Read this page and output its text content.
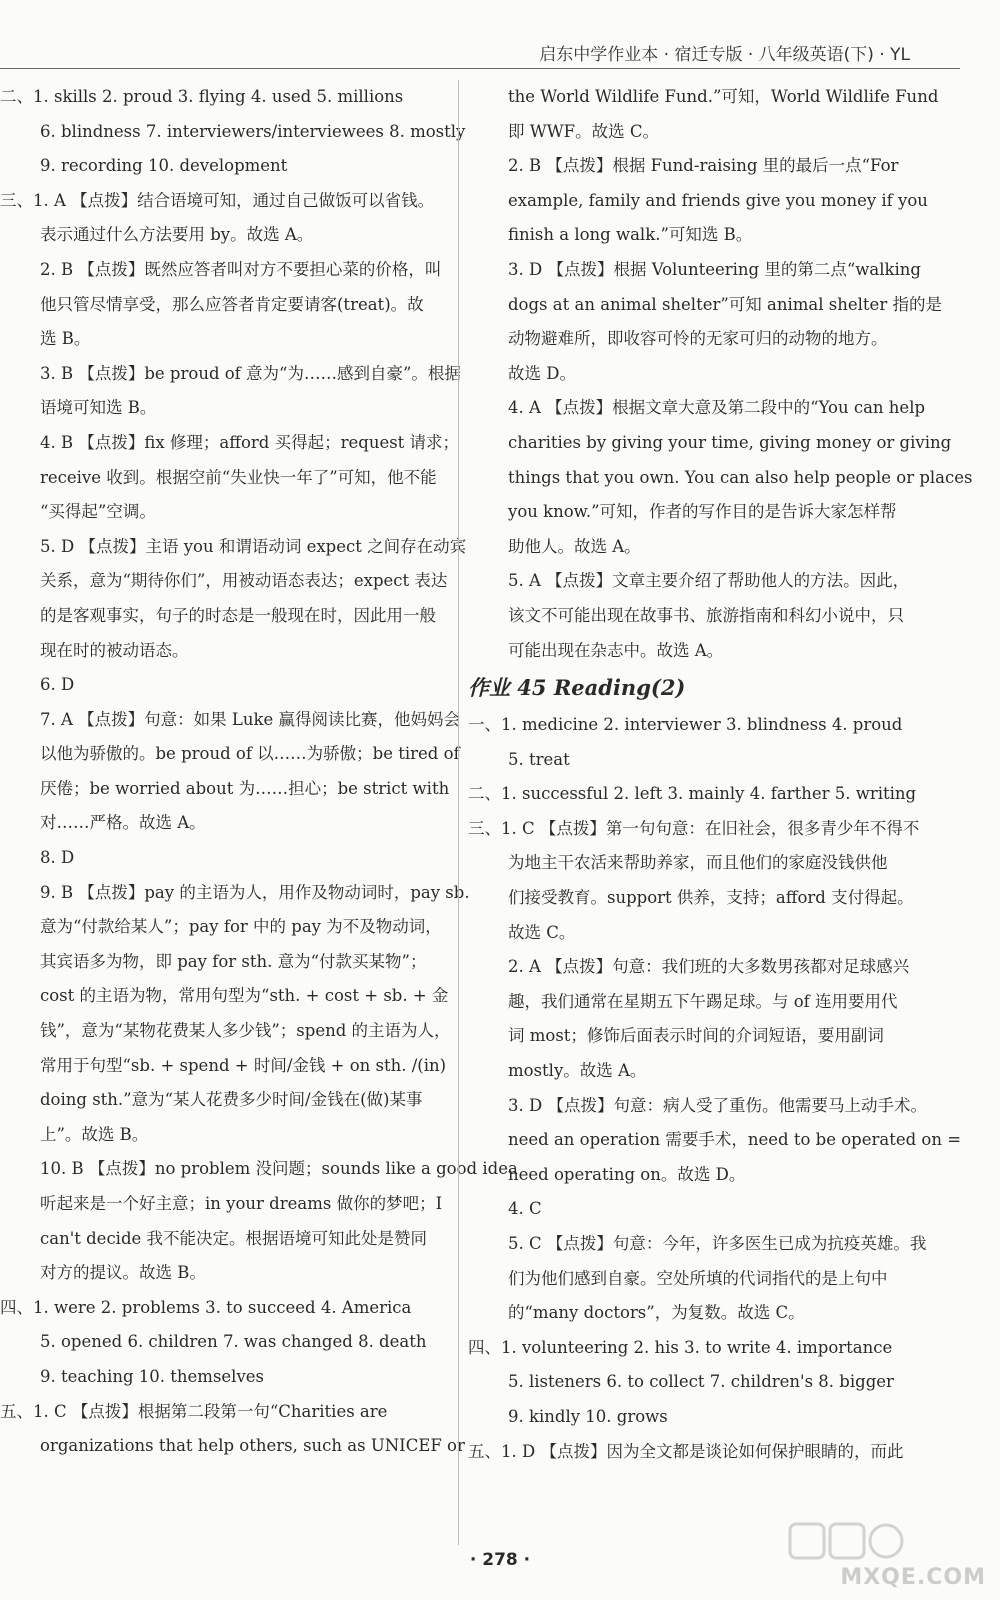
启东中学作业本 · 宿迁专版 · 八年级英语(下) · YL
二、1. skills 2. proud 3. flying 4. used 5. millions
6. blindness 7. interviewers/interviewees 8. mostly
9. recording 10. development
三、1. A 【点拨】结合语境可知，通过自己做饭可以省钱。
表示通过什么方法要用 by。故选 A。
2. B 【点拨】既然应答者叫对方不要担心菜的价格，叫
他只管尽情享受，那么应答者肯定要请客(treat)。故
选 B。
3. B 【点拨】be proud of 意为“为……感到自豪”。根据
语境可知选 B。
4. B 【点拨】fix 修理；afford 买得起；request 请求；
receive 收到。根据空前“失业快一年了”可知，他不能
“买得起”空调。
5. D 【点拨】主语 you 和谓语动词 expect 之间存在动宾
关系，意为“期待你们”，用被动语态表达；expect 表达
的是客观事实，句子的时态是一般现在时，因此用一般
现在时的被动语态。
6. D
7. A 【点拨】句意：如果 Luke 赢得阅读比赛，他妈妈会
以他为骄傲的。be proud of 以……为骄傲；be tired of
厌倦；be worried about 为……担心；be strict with
对……严格。故选 A。
8. D
9. B 【点拨】pay 的主语为人，用作及物动词时，pay sb.
意为“付款给某人”；pay for 中的 pay 为不及物动词，
其宾语多为物，即 pay for sth. 意为“付款买某物”；
cost 的主语为物，常用句型为“sth. + cost + sb. + 金
钱”，意为“某物花费某人多少钱”；spend 的主语为人，
常用于句型“sb. + spend + 时间/金钱 + on sth. /(in)
doing sth.”意为“某人花费多少时间/金钱在(做)某事
上”。故选 B。
10. B 【点拨】no problem 没问题；sounds like a good idea
听起来是一个好主意；in your dreams 做你的梦吧；I
can't decide 我不能决定。根据语境可知此处是赞同
对方的提议。故选 B。
四、1. were 2. problems 3. to succeed 4. America
5. opened 6. children 7. was changed 8. death
9. teaching 10. themselves
五、1. C 【点拨】根据第二段第一句“Charities are
organizations that help others, such as UNICEF or
the World Wildlife Fund.”可知，World Wildlife Fund
即 WWF。故选 C。
2. B 【点拨】根据 Fund-raising 里的最后一点“For
example, family and friends give you money if you
finish a long walk.”可知选 B。
3. D 【点拨】根据 Volunteering 里的第二点“walking
dogs at an animal shelter”可知 animal shelter 指的是
动物避难所，即收容可怜的无家可归的动物的地方。
故选 D。
4. A 【点拨】根据文章大意及第二段中的“You can help
charities by giving your time, giving money or giving
things that you own. You can also help people or places
you know.”可知，作者的写作目的是告诉大家怎样帮
助他人。故选 A。
5. A 【点拨】文章主要介绍了帮助他人的方法。因此，
该文不可能出现在故事书、旅游指南和科幻小说中，只
可能出现在杂志中。故选 A。
作业 45 Reading(2)
一、1. medicine 2. interviewer 3. blindness 4. proud
5. treat
二、1. successful 2. left 3. mainly 4. farther 5. writing
三、1. C 【点拨】第一句句意：在旧社会，很多青少年不得不
为地主干农活来帮助养家，而且他们的家庭没钱供他
们接受教育。support 供养，支持；afford 支付得起。
故选 C。
2. A 【点拨】句意：我们班的大多数男孩都对足球感兴
趣，我们通常在星期五下午踢足球。与 of 连用要用代
词 most；修饰后面表示时间的介词短语，要用副词
mostly。故选 A。
3. D 【点拨】句意：病人受了重伤。他需要马上动手术。
need an operation 需要手术，need to be operated on =
need operating on。故选 D。
4. C
5. C 【点拨】句意：今年，许多医生已成为抗疫英雄。我
们为他们感到自豪。空处所填的代词指代的是上句中
的“many doctors”，为复数。故选 C。
四、1. volunteering 2. his 3. to write 4. importance
5. listeners 6. to collect 7. children's 8. bigger
9. kindly 10. grows
五、1. D 【点拨】因为全文都是谈论如何保护眼睛的，而此
· 278 ·
MXQE.COM
